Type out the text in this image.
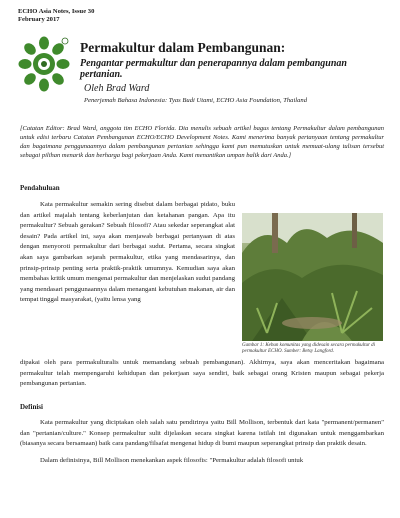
ECHO Asia Notes, Issue 30
February 2017
Permakultur dalam Pembangunan:
Pengantar permakultur dan penerapannya dalam pembangunan pertanian.
Oleh Brad Ward
Penerjemah Bahasa Indonesia: Tyas Budi Utami, ECHO Asia Foundation, Thailand
[Catatan Editor: Brad Ward, anggota tim ECHO Florida. Dia menulis sebuah artikel bagus tentang Permakultur dalam pembangunan untuk edisi terbaru Catatan Pembangunan ECHO/ECHO Development Notes. Kami menerima banyak pertanyaan tentang permakultur dan bagaimana penggunaannya dalam pembangunan pertanian sehingga kami pun memutuskan untuk memuat-ulang tulisan tersebut sebagai pilihan menarik dan berharga bagi pekerjaan Anda. Kami menantikan umpan balik dari Anda.]
Pendahuluan

Kata permakultur semakin sering disebut dalam berbagai pidato, buku dan artikel majalah tentang keberlanjutan dan ketahanan pangan. Apa itu permakultur? Sebuah gerakan? Sebuah filosofi? Atau sekedar seperangkat alat desain? Pada artikel ini, saya akan menjawab berbagai pertanyaan di atas dengan menyoroti permakultur dari berbagai sudut. Pertama, secara singkat akan saya gambarkan sejarah permakultur, etika yang mendasarinya, dan prinsip-prinsip penting serta praktik-praktik umumnya. Kemudian saya akan membahas kritik umum mengenai permakultur dan menjelaskan sudut pandang yang mendasari penggunaannya dalam menangani kebutuhan makanan, air dan tempat tinggal masyarakat, (yaitu lensa yang

Gambar 1: Kebun komunitas yang didesain secara permakultur di permakultur ECHO. Sumber: Betsy Langford.

dipakai oleh para permakulturalis untuk memandang sebuah pembangunan). Akhirnya, saya akan menceritakan bagaimana permakultur telah mempengaruhi kehidupan dan pekerjaan saya sendiri, baik sebagai orang Kristen maupun sebagai pekerja pembangunan pertanian.

Definisi

Kata permakultur yang diciptakan oleh salah satu pendirinya yaitu Bill Mollison, terbentuk dari kata "permanent/permanen" dan "pertanian/culture." Konsep permakultur sulit dijelaskan secara singkat karena istilah ini digunakan untuk menggambarkan (biasanya secara bersamaan) baik cara pandang/filsafat mengenai hidup di bumi maupun seperangkat prinsip dan praktik desain.

Dalam definisinya, Bill Mollison menekankan aspek filosofis: "Permakultur adalah filosofi untuk
